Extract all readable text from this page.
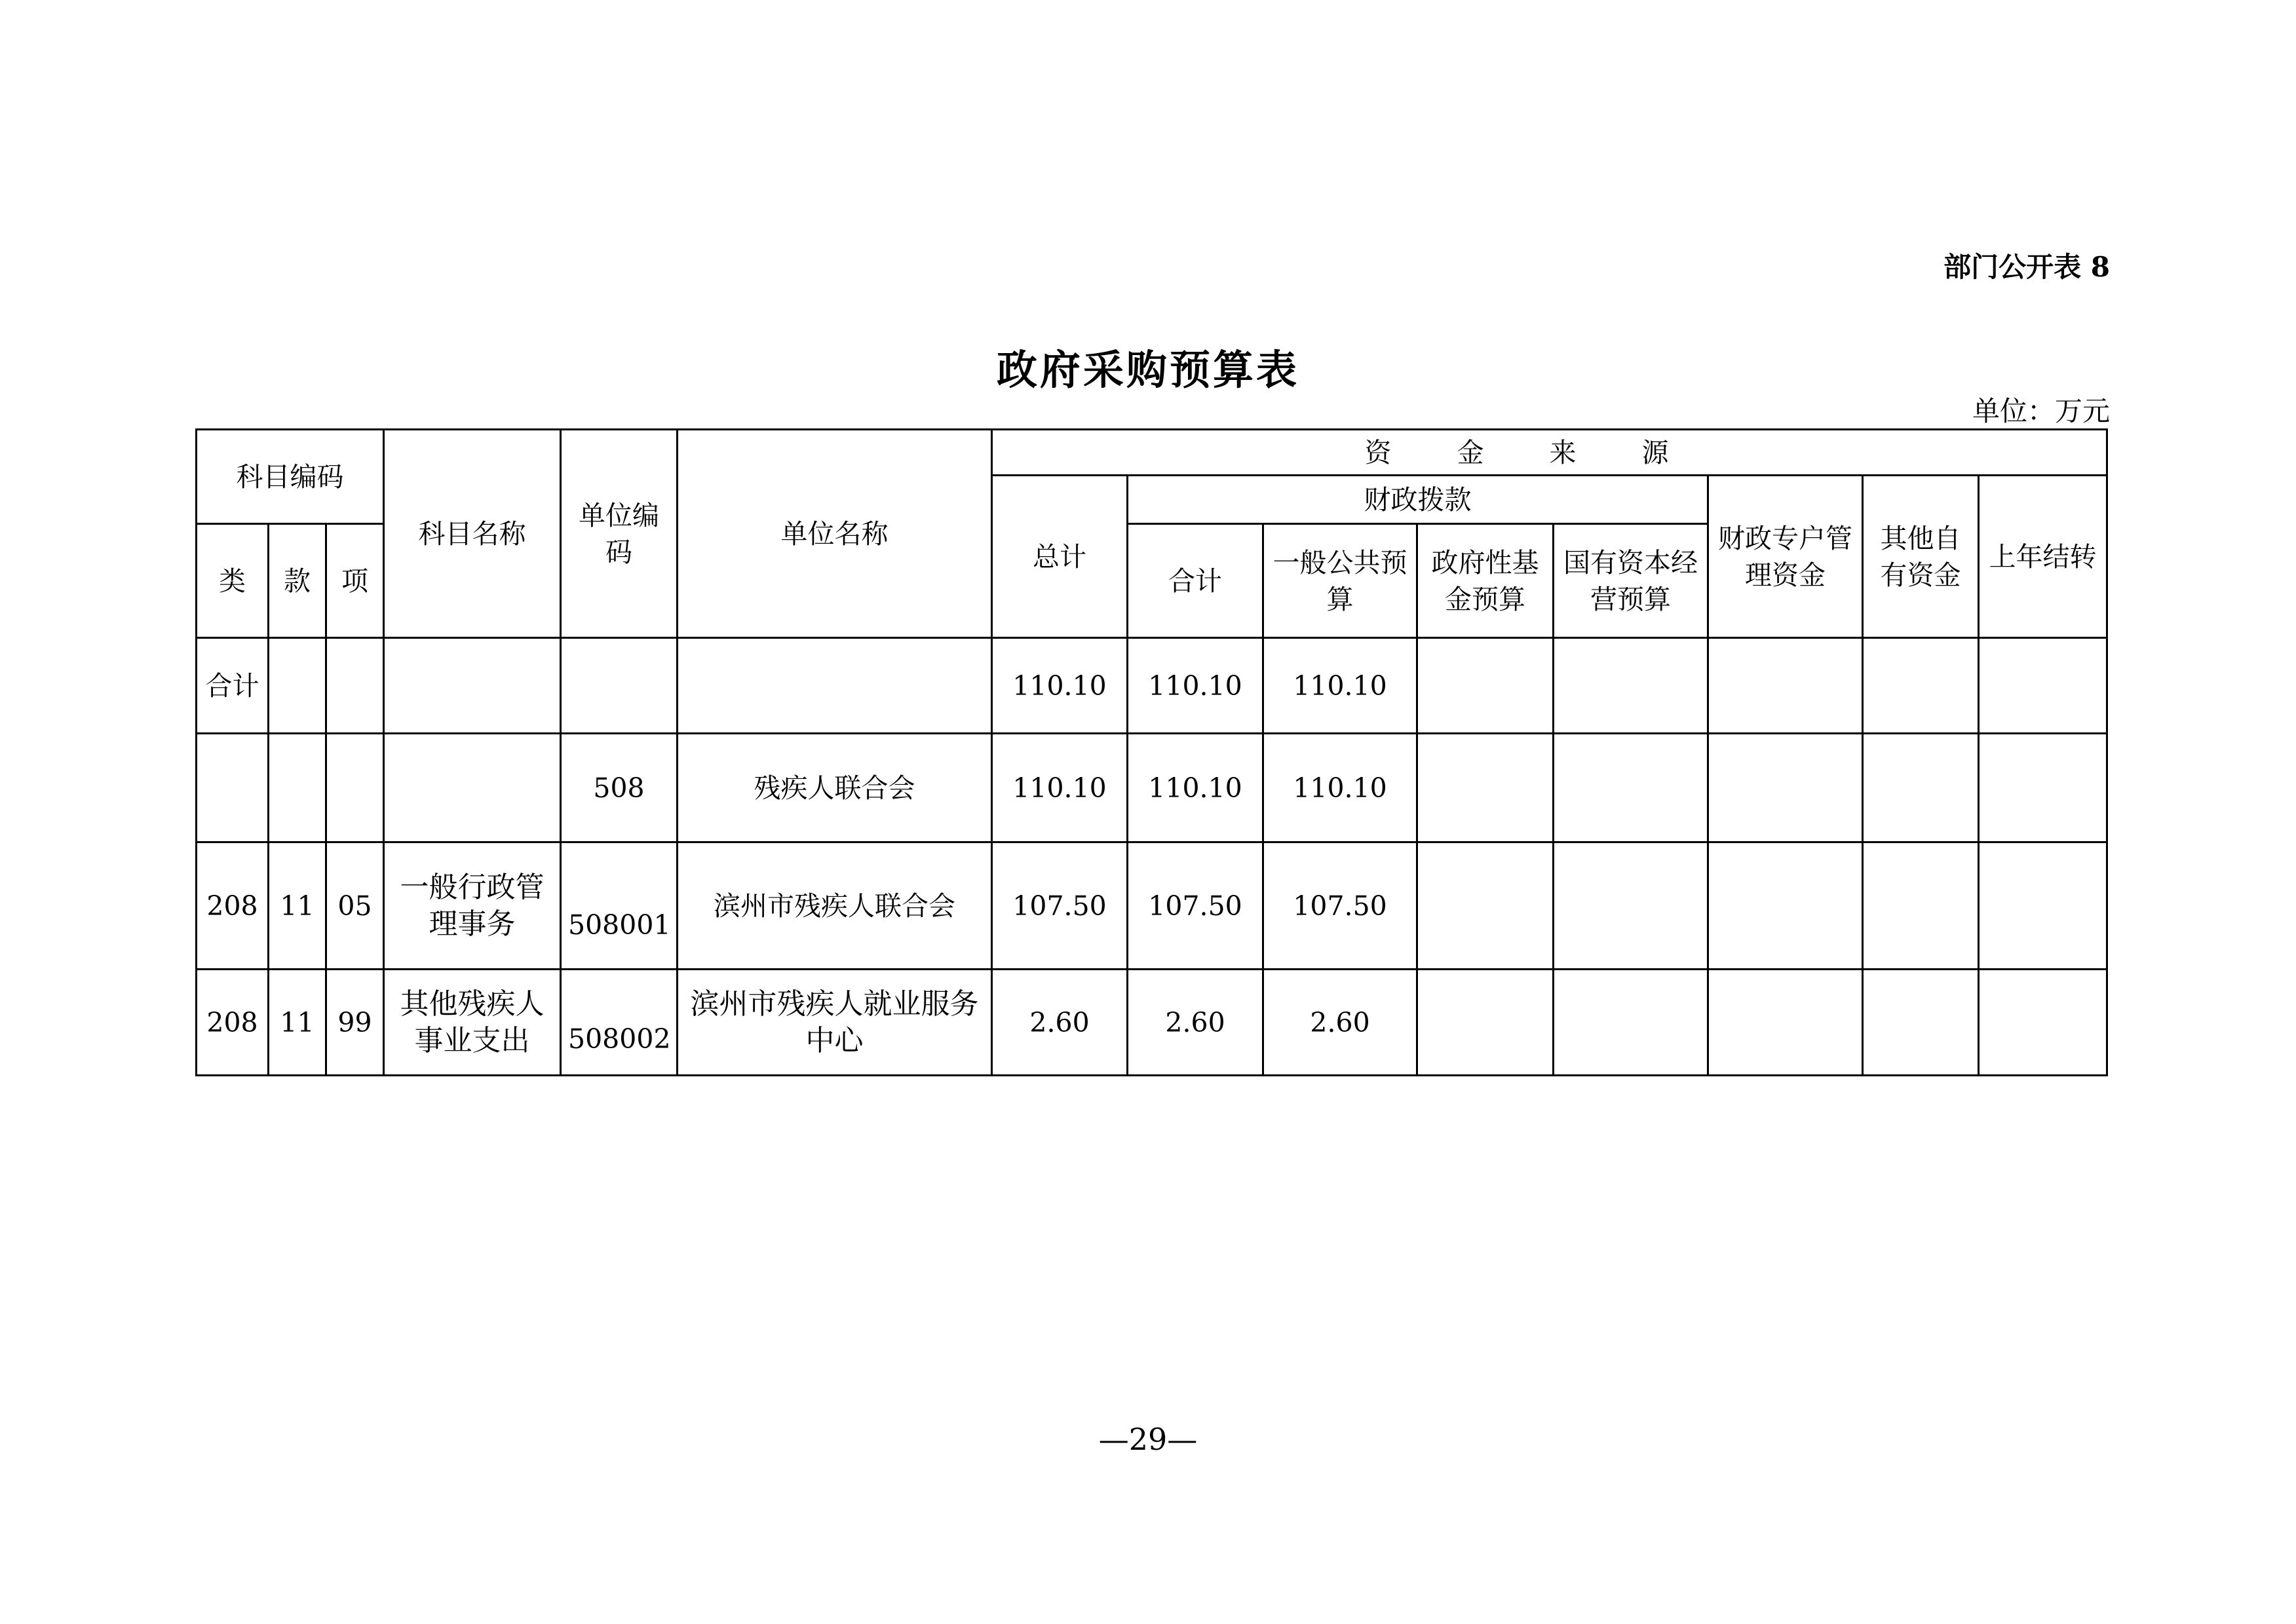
部门公开表 8
政府采购预算表
单位：万元
科目编码			科目名称	单位编码	单位名称	资金来源							
						总计	财政拨款				财政专户管理资金	其他自有资金	上年结转
类	款	项					合计	一般公共预算	政府性基金预算	国有资本经营预算			

合计						110.10	110.10	110.10					
				508	残疾人联合会	110.10	110.10	110.10					
208	11	05	一般行政管理事务	508001	滨州市残疾人联合会	107.50	107.50	107.50					
208	11	99	其他残疾人事业支出	508002	滨州市残疾人就业服务中心	2.60	2.60	2.60					
—29—
